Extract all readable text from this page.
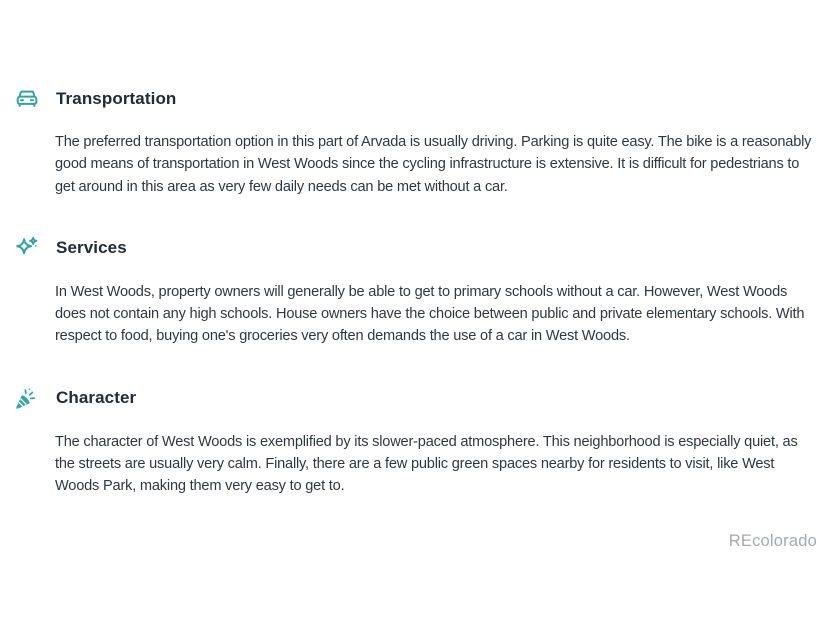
Transportation

The preferred transportation option in this part of Arvada is usually driving. Parking is quite easy. The bike is a reasonably good means of transportation in West Woods since the cycling infrastructure is extensive. It is difficult for pedestrians to get around in this area as very few daily needs can be met without a car.

Services

In West Woods, property owners will generally be able to get to primary schools without a car. However, West Woods does not contain any high schools. House owners have the choice between public and private elementary schools. With respect to food, buying one's groceries very often demands the use of a car in West Woods.

Character

The character of West Woods is exemplified by its slower-paced atmosphere. This neighborhood is especially quiet, as the streets are usually very calm. Finally, there are a few public green spaces nearby for residents to visit, like West Woods Park, making them very easy to get to.

REcolorado
